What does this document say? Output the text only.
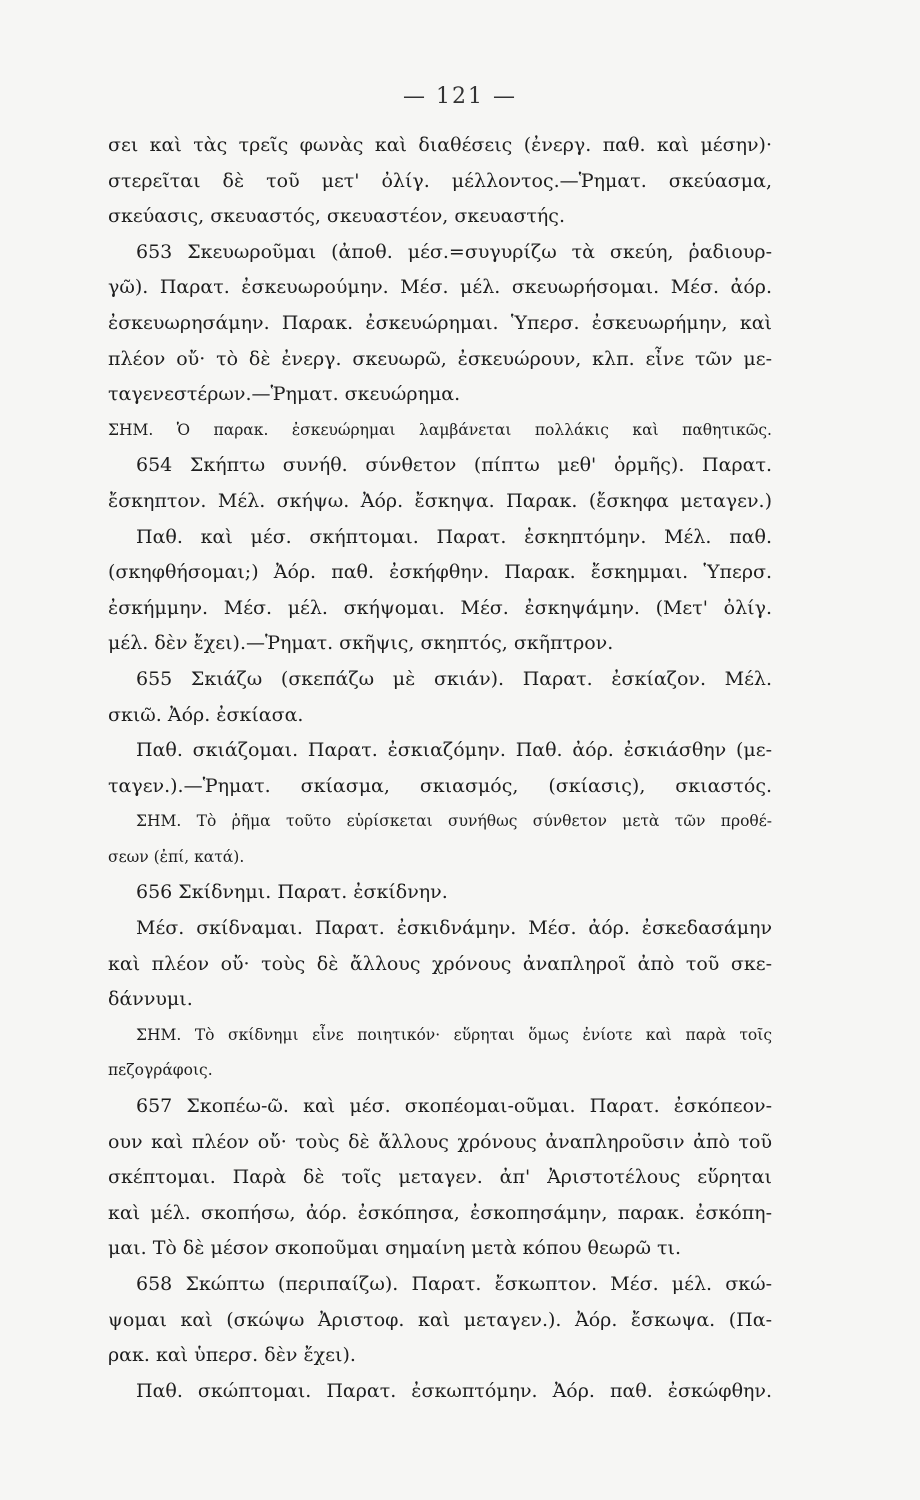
— 121 —
σει καὶ τὰς τρεῖς φωνὰς καὶ διαθέσεις (ἐνεργ. παθ. καὶ μέσην)·
στερεῖται δὲ τοῦ μετ' ὀλίγ. μέλλοντος.—Ῥηματ. σκεύασμα,
σκεύασις, σκευαστός, σκευαστέον, σκευαστής.
653 Σκευωροῦμαι (ἀποθ. μέσ.=συγυρίζω τὰ σκεύη, ῥαδιουρ-
γῶ). Παρατ. ἐσκευωρούμην. Μέσ. μέλ. σκευωρήσομαι. Μέσ. ἀόρ.
ἐσκευωρησάμην. Παρακ. ἐσκευώρημαι. Ὑπερσ. ἐσκευωρήμην, καὶ
πλέον οὔ· τὸ δὲ ἐνεργ. σκευωρῶ, ἐσκευώρουν, κλπ. εἶνε τῶν με-
ταγενεστέρων.—Ῥηματ. σκευώρημα.
ΣΗΜ. Ὁ παρακ. ἐσκευώρημαι λαμβάνεται πολλάκις καὶ παθητικῶς.
654 Σκήπτω συνήθ. σύνθετον (πίπτω μεθ' ὁρμῆς). Παρατ.
ἔσκηπτον. Μέλ. σκήψω. Ἀόρ. ἔσκηψα. Παρακ. (ἔσκηφα μεταγεν.)
Παθ. καὶ μέσ. σκήπτομαι. Παρατ. ἐσκηπτόμην. Μέλ. παθ.
(σκηφθήσομαι;) Ἀόρ. παθ. ἐσκήφθην. Παρακ. ἔσκημμαι. Ὑπερσ.
ἐσκήμμην. Μέσ. μέλ. σκήψομαι. Μέσ. ἐσκηψάμην. (Μετ' ὀλίγ.
μέλ. δὲν ἔχει).—Ῥηματ. σκῆψις, σκηπτός, σκῆπτρον.
655 Σκιάζω (σκεπάζω μὲ σκιάν). Παρατ. ἐσκίαζον. Μέλ.
σκιῶ. Ἀόρ. ἐσκίασα.
Παθ. σκιάζομαι. Παρατ. ἐσκιαζόμην. Παθ. ἀόρ. ἐσκιάσθην (με-
ταγεν.).—Ῥηματ. σκίασμα, σκιασμός, (σκίασις), σκιαστός.
ΣΗΜ. Τὸ ῥῆμα τοῦτο εὑρίσκεται συνήθως σύνθετον μετὰ τῶν προθέ-
σεων (ἐπί, κατά).
656 Σκίδνημι. Παρατ. ἐσκίδνην.
Μέσ. σκίδναμαι. Παρατ. ἐσκιδνάμην. Μέσ. ἀόρ. ἐσκεδασάμην
καὶ πλέον οὔ· τοὺς δὲ ἄλλους χρόνους ἀναπληροῖ ἀπὸ τοῦ σκε-
δάννυμι.
ΣΗΜ. Τὸ σκίδνημι εἶνε ποιητικόν· εὕρηται ὅμως ἐνίοτε καὶ παρὰ τοῖς
πεζογράφοις.
657 Σκοπέω-ῶ. καὶ μέσ. σκοπέομαι-οῦμαι. Παρατ. ἐσκόπεον-
ουν καὶ πλέον οὔ· τοὺς δὲ ἄλλους χρόνους ἀναπληροῦσιν ἀπὸ τοῦ
σκέπτομαι. Παρὰ δὲ τοῖς μεταγεν. ἀπ' Ἀριστοτέλους εὕρηται
καὶ μέλ. σκοπήσω, ἀόρ. ἐσκόπησα, ἐσκοπησάμην, παρακ. ἐσκόπη-
μαι. Τὸ δὲ μέσον σκοποῦμαι σημαίνη μετὰ κόπου θεωρῶ τι.
658 Σκώπτω (περιπαίζω). Παρατ. ἔσκωπτον. Μέσ. μέλ. σκώ-
ψομαι καὶ (σκώψω Ἀριστοφ. καὶ μεταγεν.). Ἀόρ. ἔσκωψα. (Πα-
ρακ. καὶ ὑπερσ. δὲν ἔχει).
Παθ. σκώπτομαι. Παρατ. ἐσκωπτόμην. Ἀόρ. παθ. ἐσκώφθην.
